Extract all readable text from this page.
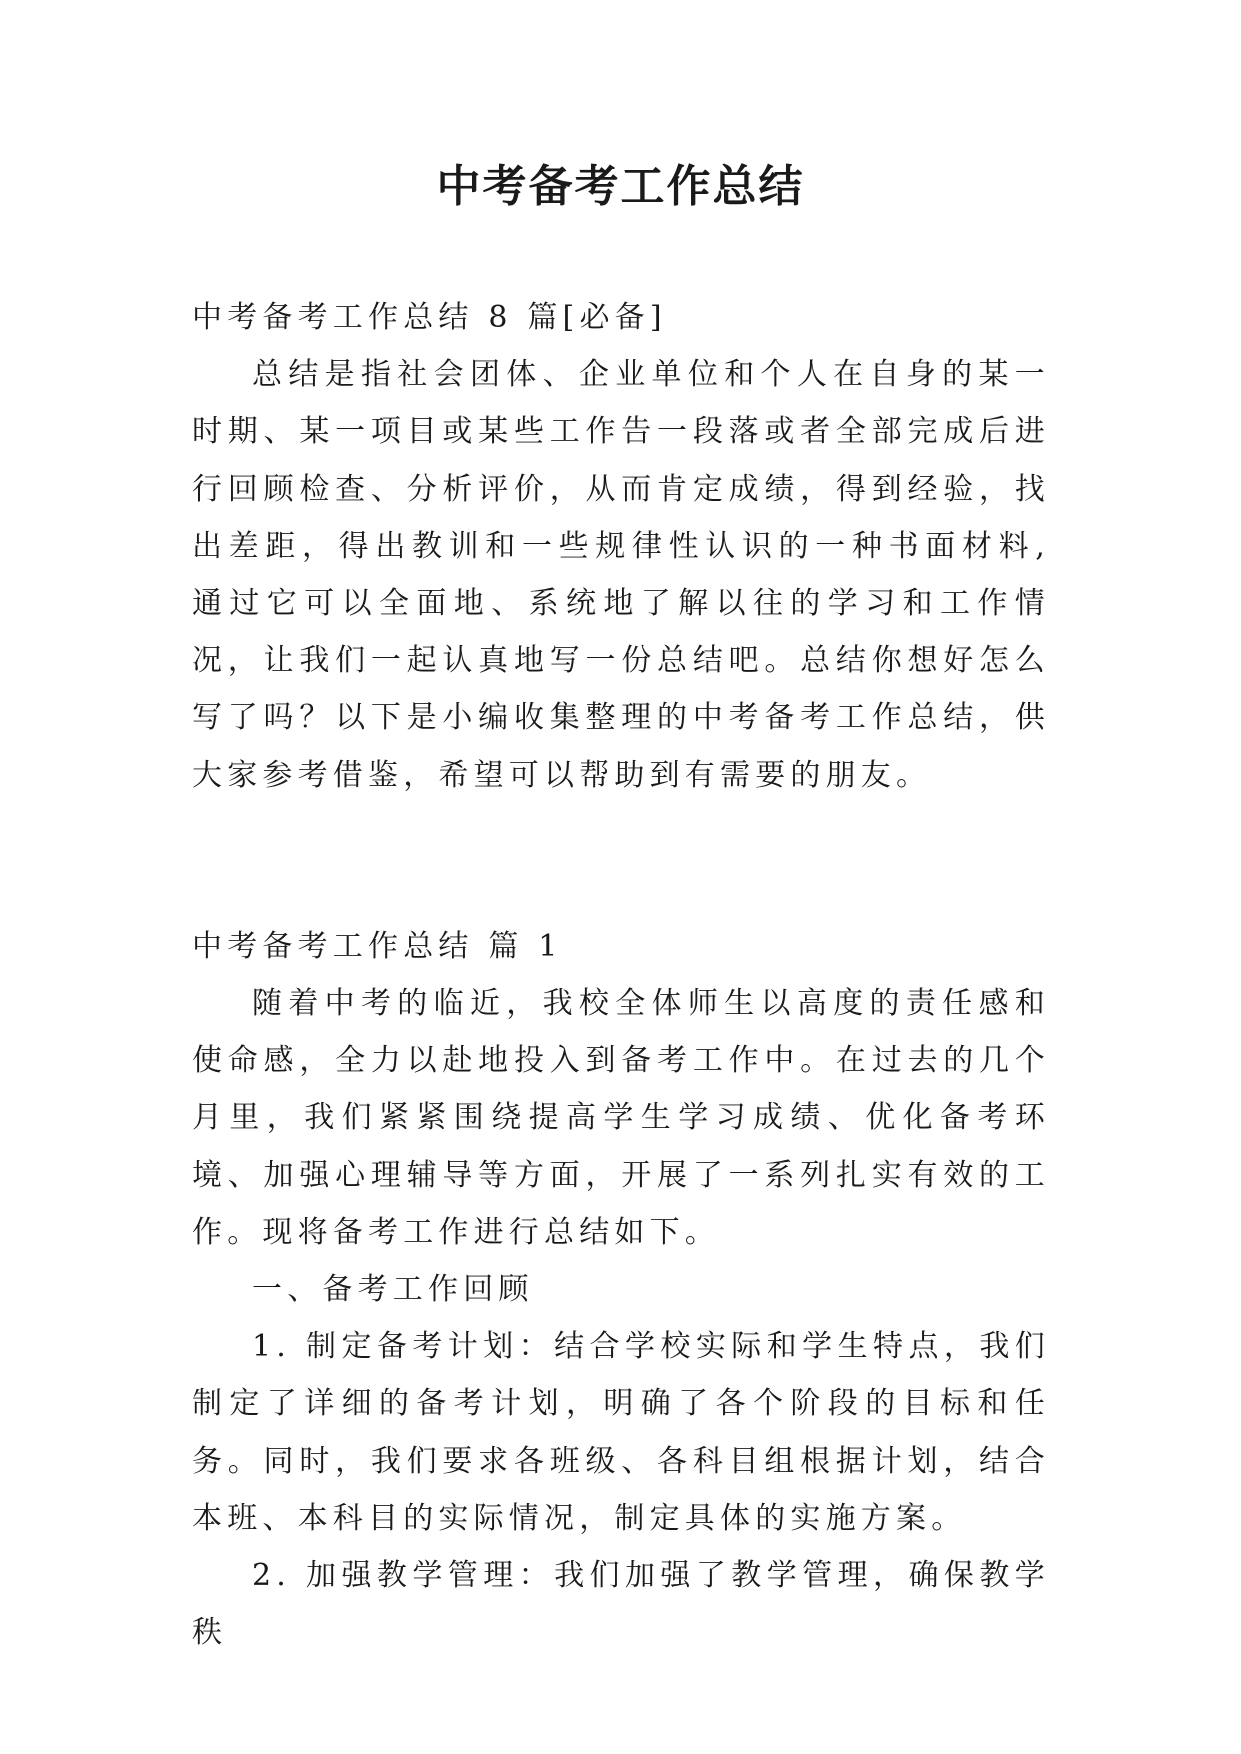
中考备考工作总结

中考备考工作总结 8 篇[必备]

总结是指社会团体、企业单位和个人在自身的某一时期、某一项目或某些工作告一段落或者全部完成后进行回顾检查、分析评价，从而肯定成绩，得到经验，找出差距，得出教训和一些规律性认识的一种书面材料,通过它可以全面地、系统地了解以往的学习和工作情况，让我们一起认真地写一份总结吧。总结你想好怎么写了吗？以下是小编收集整理的中考备考工作总结，供大家参考借鉴，希望可以帮助到有需要的朋友。

中考备考工作总结 篇 1

随着中考的临近，我校全体师生以高度的责任感和使命感，全力以赴地投入到备考工作中。在过去的几个月里，我们紧紧围绕提高学生学习成绩、优化备考环境、加强心理辅导等方面，开展了一系列扎实有效的工作。现将备考工作进行总结如下。

一、备考工作回顾

1. 制定备考计划：结合学校实际和学生特点，我们制定了详细的备考计划，明确了各个阶段的目标和任务。同时，我们要求各班级、各科目组根据计划，结合本班、本科目的实际情况，制定具体的实施方案。

2. 加强教学管理：我们加强了教学管理，确保教学秩
